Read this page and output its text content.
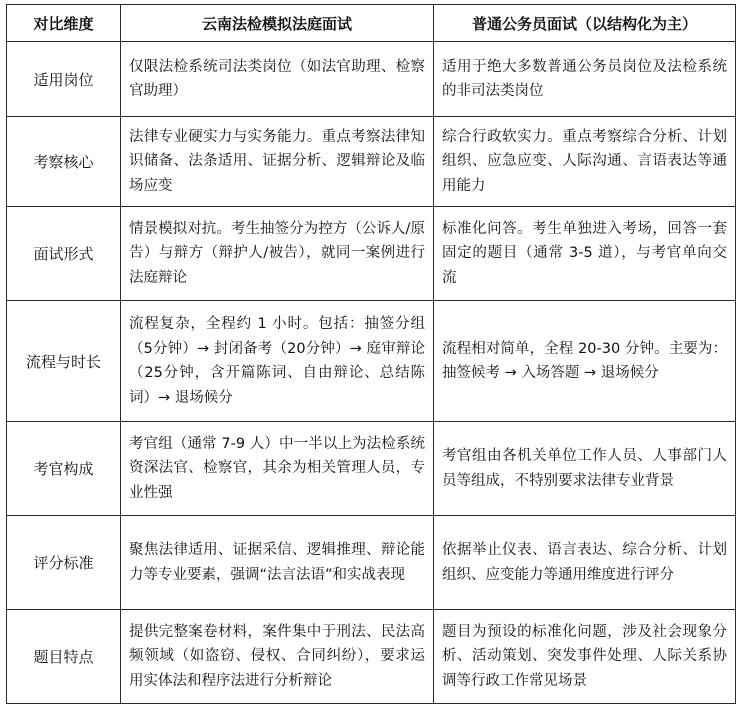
对比维度	云南法检模拟法庭面试	普通公务员面试（以结构化为主）
适用岗位	仅限法检系统司法类岗位（如法官助理、检察官助理）	适用于绝大多数普通公务员岗位及法检系统的非司法类岗位
考察核心	法律专业硬实力与实务能力。重点考察法律知识储备、法条适用、证据分析、逻辑辩论及临场应变	综合行政软实力。重点考察综合分析、计划组织、应急应变、人际沟通、言语表达等通用能力
面试形式	情景模拟对抗。考生抽签分为控方（公诉人/原告）与辩方（辩护人/被告），就同一案例进行法庭辩论	标准化问答。考生单独进入考场，回答一套固定的题目（通常 3-5 道），与考官单向交流
流程与时长	流程复杂，全程约 1 小时。包括：抽签分组（5分钟）→ 封闭备考（20分钟）→ 庭审辩论（25分钟，含开篇陈词、自由辩论、总结陈词）→ 退场候分	流程相对简单，全程 20-30 分钟。主要为：抽签候考 → 入场答题 → 退场候分
考官构成	考官组（通常 7-9 人）中一半以上为法检系统资深法官、检察官，其余为相关管理人员，专业性强	考官组由各机关单位工作人员、人事部门人员等组成，不特别要求法律专业背景
评分标准	聚焦法律适用、证据采信、逻辑推理、辩论能力等专业要素，强调“法言法语”和实战表现	依据举止仪表、语言表达、综合分析、计划组织、应变能力等通用维度进行评分
题目特点	提供完整案卷材料，案件集中于刑法、民法高频领域（如盗窃、侵权、合同纠纷），要求运用实体法和程序法进行分析辩论	题目为预设的标准化问题，涉及社会现象分析、活动策划、突发事件处理、人际关系协调等行政工作常见场景
